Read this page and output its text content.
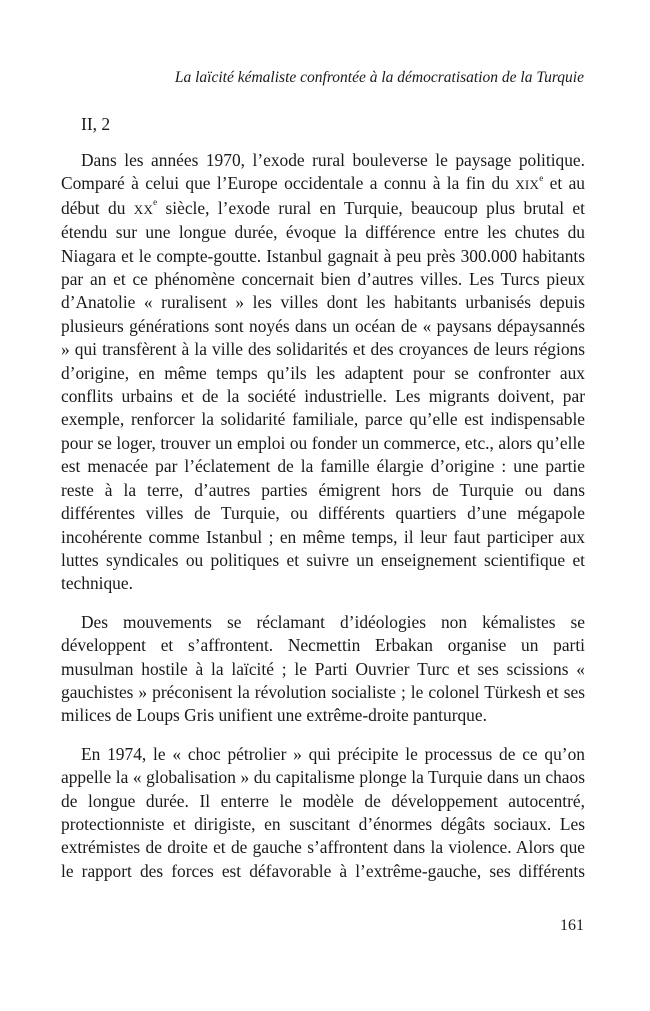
La laïcité kémaliste confrontée à la démocratisation de la Turquie
II, 2

Dans les années 1970, l’exode rural bouleverse le paysage politique. Comparé à celui que l’Europe occidentale a connu à la fin du XIXe et au début du XXe siècle, l’exode rural en Turquie, beaucoup plus brutal et étendu sur une longue durée, évoque la différence entre les chutes du Niagara et le compte-goutte. Istanbul gagnait à peu près 300.000 habitants par an et ce phénomène concernait bien d’autres villes. Les Turcs pieux d’Anatolie « ruralisent » les villes dont les habitants urbanisés depuis plusieurs générations sont noyés dans un océan de « paysans dépaysannés » qui transfèrent à la ville des solidarités et des croyances de leurs régions d’origine, en même temps qu’ils les adaptent pour se confronter aux conflits urbains et de la société industrielle. Les migrants doivent, par exemple, renforcer la solidarité familiale, parce qu’elle est indispensable pour se loger, trouver un emploi ou fonder un commerce, etc., alors qu’elle est menacée par l’éclatement de la famille élargie d’origine : une partie reste à la terre, d’autres parties émigrent hors de Turquie ou dans différentes villes de Turquie, ou différents quartiers d’une mégapole incohérente comme Istanbul ; en même temps, il leur faut participer aux luttes syndicales ou politiques et suivre un enseignement scientifique et technique.

Des mouvements se réclamant d’idéologies non kémalistes se développent et s’affrontent. Necmettin Erbakan organise un parti musulman hostile à la laïcité ; le Parti Ouvrier Turc et ses scissions « gauchistes » préconisent la révolution socialiste ; le colonel Türkesh et ses milices de Loups Gris unifient une extrême-droite panturque.

En 1974, le « choc pétrolier » qui précipite le processus de ce qu’on appelle la « globalisation » du capitalisme plonge la Turquie dans un chaos de longue durée. Il enterre le modèle de développement autocentré, protectionniste et dirigiste, en suscitant d’énormes dégâts sociaux. Les extrémistes de droite et de gauche s’affrontent dans la violence. Alors que le rapport des forces est défavorable à l’extrême-gauche, ses différents

161
